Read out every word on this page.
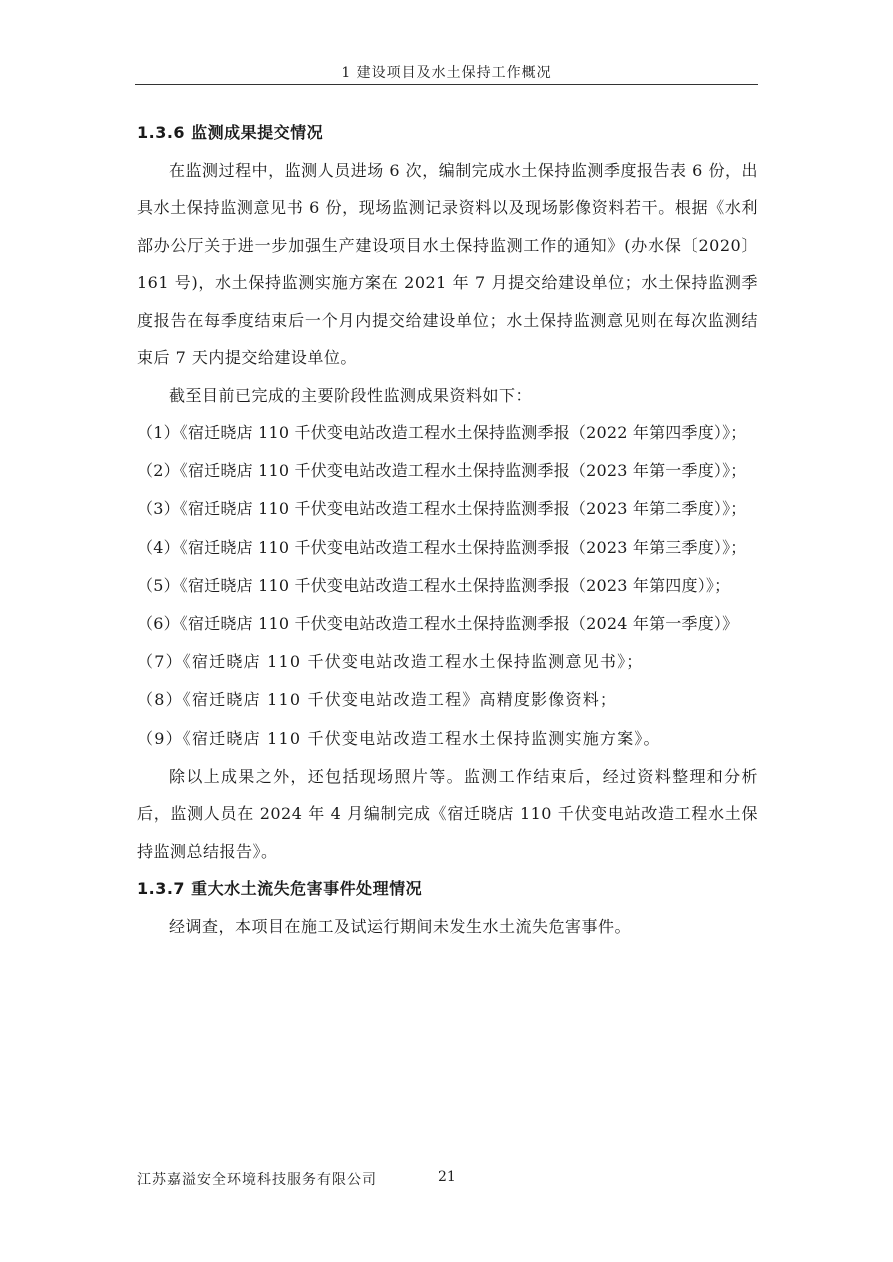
1 建设项目及水土保持工作概况

1.3.6 监测成果提交情况

在监测过程中，监测人员进场 6 次，编制完成水土保持监测季度报告表 6 份，出具水土保持监测意见书 6 份，现场监测记录资料以及现场影像资料若干。根据《水利部办公厅关于进一步加强生产建设项目水土保持监测工作的通知》(办水保〔2020〕161 号)，水土保持监测实施方案在 2021 年 7 月提交给建设单位；水土保持监测季度报告在每季度结束后一个月内提交给建设单位；水土保持监测意见则在每次监测结束后 7 天内提交给建设单位。

截至目前已完成的主要阶段性监测成果资料如下：

（1）《宿迁晓店 110 千伏变电站改造工程水土保持监测季报（2022 年第四季度）》；

（2）《宿迁晓店 110 千伏变电站改造工程水土保持监测季报（2023 年第一季度）》；

（3）《宿迁晓店 110 千伏变电站改造工程水土保持监测季报（2023 年第二季度）》；

（4）《宿迁晓店 110 千伏变电站改造工程水土保持监测季报（2023 年第三季度）》；

（5）《宿迁晓店 110 千伏变电站改造工程水土保持监测季报（2023 年第四度）》；

（6）《宿迁晓店 110 千伏变电站改造工程水土保持监测季报（2024 年第一季度）》

（7）《宿迁晓店 110 千伏变电站改造工程水土保持监测意见书》；

（8）《宿迁晓店 110 千伏变电站改造工程》高精度影像资料；

（9）《宿迁晓店 110 千伏变电站改造工程水土保持监测实施方案》。

除以上成果之外，还包括现场照片等。监测工作结束后，经过资料整理和分析后，监测人员在 2024 年 4 月编制完成《宿迁晓店 110 千伏变电站改造工程水土保持监测总结报告》。

1.3.7 重大水土流失危害事件处理情况

经调查，本项目在施工及试运行期间未发生水土流失危害事件。

江苏嘉溢安全环境科技服务有限公司	21
